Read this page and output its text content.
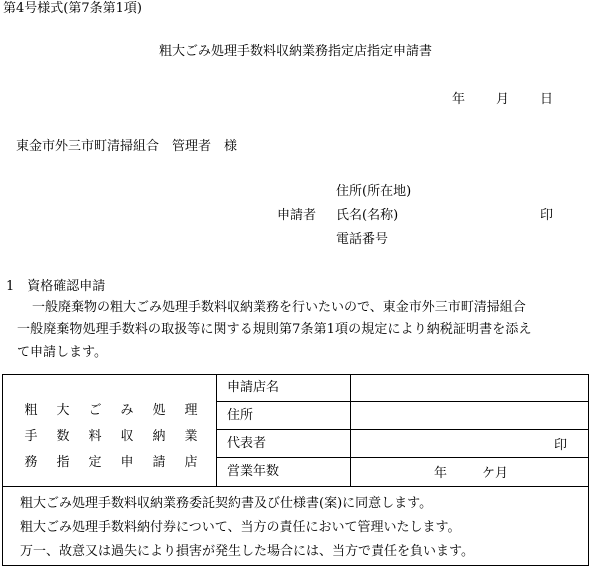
第4号様式(第7条第1項)
粗大ごみ処理手数料収納業務指定店指定申請書
年 月 日
東金市外三市町清掃組合　管理者　様
住所(所在地)
申請者 氏名(名称)	印
電話番号
1　資格確認申請
一般廃棄物の粗大ごみ処理手数料収納業務を行いたいので、東金市外三市町清掃組合
一般廃棄物処理手数料の取扱等に関する規則第7条第1項の規定により納税証明書を添え
て申請します。
粗 大 ご み 処 理
手 数 料 収 納 業
務 指 定 申 請 店
申請店名
住所
代表者
営業年数
印
年	ケ月
粗大ごみ処理手数料収納業務委託契約書及び仕様書(案)に同意します。
粗大ごみ処理手数料納付券について、当方の責任において管理いたします。
万一、故意又は過失により損害が発生した場合には、当方で責任を負います。
